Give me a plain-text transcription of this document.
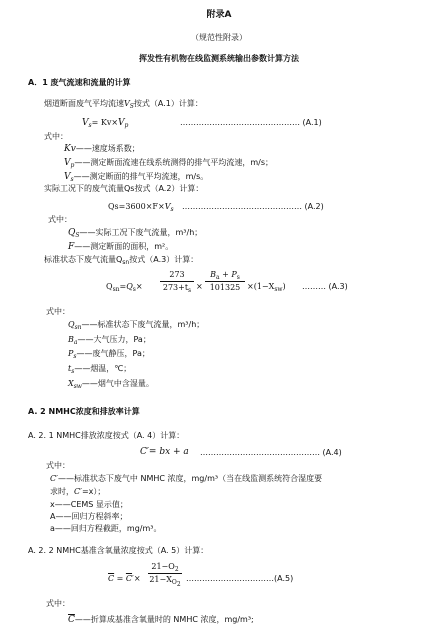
附录A
（规范性附录）
挥发性有机物在线监测系统输出参数计算方法
A．1 废气流速和流量的计算
烟道断面废气平均流速$V_S$按式（A.1）计算：
$V_s= Kv\times V_p$	……………………………………… (A.1)
式中：
Kv——速度场系数；
$V_p——$测定断面流速在线系统测得的排气平均流速，m/s；
$V_s——$测定断面的排气平均流速，m/s。
实际工况下的废气流量Qs按式（A.2）计算：
$Qs=3600\times F\times V_s$ ……………………………………… (A.2)
式中：
$Q_S——$实际工况下废气流量，m³/h；
F——测定断面的面积，m²。
标准状态下废气流量$Q_{sn}$按式（A.3）计算：
$Q_{sn}=Q_s\times \frac{273}{273+t_s} \times \frac{B_a + P_s}{101325} \times(1-X_{sw})$ ……… (A.3)
式中：
$Q_{sn}——$标准状态下废气流量，m³/h；
$B_a——$大气压力，Pa；
$P_s——$废气静压，Pa；
$t_s——$烟温，℃；
$X_{sw}——$烟气中含湿量。
A. 2 NMHC浓度和排放率计算
A. 2. 1 NMHC排放浓度按式（A. 4）计算：
C′= bx + a ……………………………………… (A.4)
式中：
C′——标准状态下废气中 NMHC 浓度，mg/m³（当在线监测系统符合湿度要
求时，C′=x）；
x——CEMS 显示值；
A——回归方程斜率；
a——回归方程截距，mg/m³。
A. 2. 2 NMHC基准含氧量浓度按式（A. 5）计算：
$\overline{C} = \overline{C}'\times \frac{21-O_2}{21-X_{O_2}}$ ……………………………(A.5)
式中：
$\overline{C}——$折算成基准含氧量时的 NMHC 浓度，mg/m³;
